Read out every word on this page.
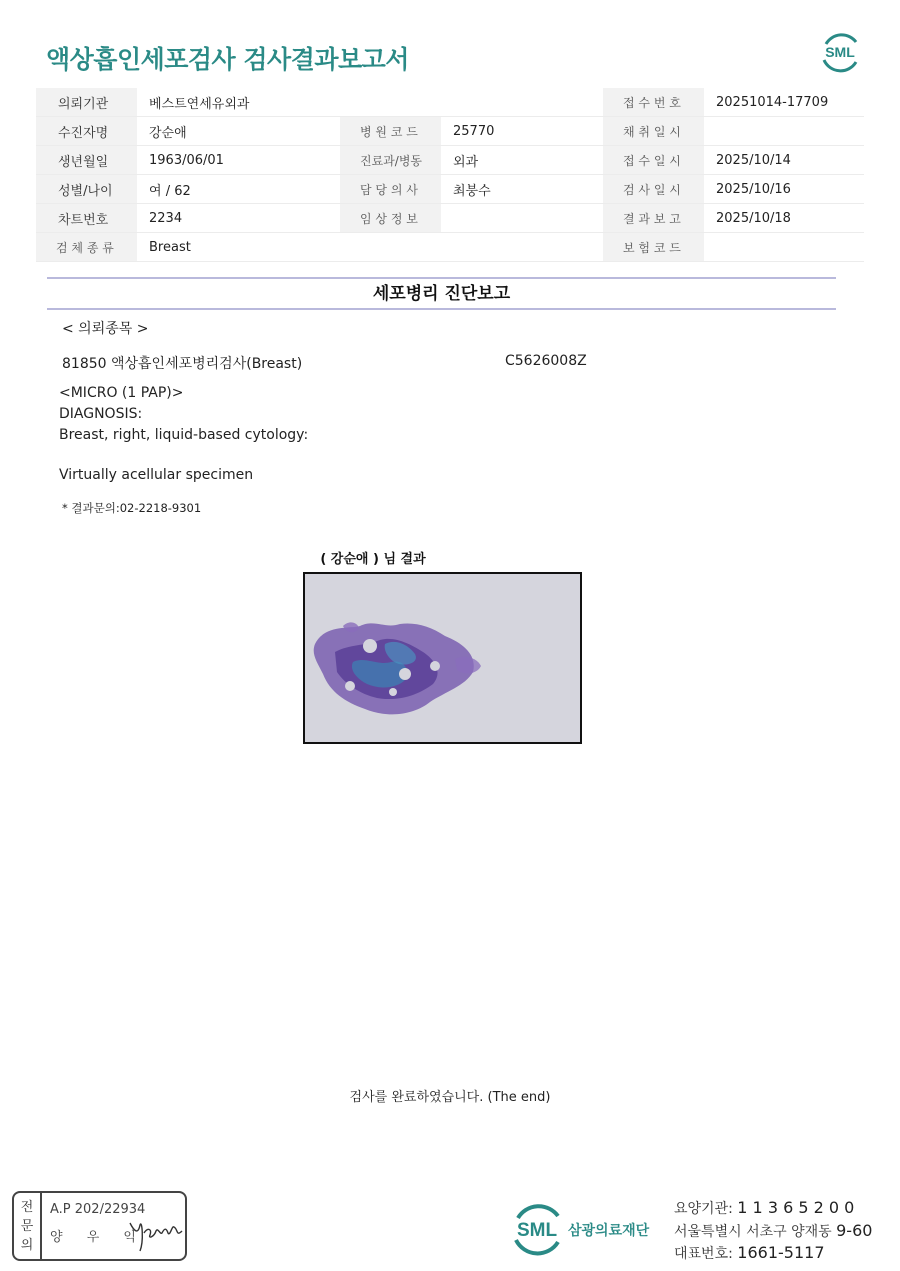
액상흡인세포검사 검사결과보고서	SML
의뢰기관	베스트연세유외과			접 수 번 호	20251014-17709
수진자명	강순애	병 원 코 드	25770	채 취 일 시	
생년월일	1963/06/01	진료과/병동	외과	접 수 일 시	2025/10/14
성별/나이	여 / 62	담 당 의 사	최붕수	검 사 일 시	2025/10/16
차트번호	2234	임 상 정 보		결 과 보 고	2025/10/18
검 체 종 류	Breast			보 험 코 드	
세포병리 진단보고
< 의뢰종목 >
81850 액상흡인세포병리검사(Breast)	C5626008Z
<MICRO (1 PAP)>
DIAGNOSIS:
Breast, right, liquid-based cytology:
Virtually acellular specimen
* 결과문의:02-2218-9301
( 강순애 ) 님 결과
검사를 완료하였습니다. (The end)
전
문
의
A.P 202/22934
양 우 익	SML 삼광의료재단
요양기관: 1 1 3 6 5 2 0 0
서울특별시 서초구 양재동 9-60
대표번호: 1661-5117
